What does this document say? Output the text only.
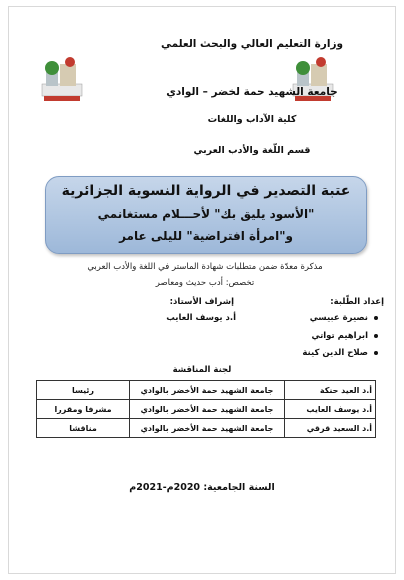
وزارة التعليم العالي والبحث العلمي
جامعة الشهيد حمة لخضر – الوادي
كلية الآداب واللغات
قسم اللّغة والأدب العربي
عتبة التصدير في الرواية النسوية الجزائرية
"الأسود يليق بك" لأحـــلام مستغانمي
و"امرأة افتراضية" لليلى عامر
مذكرة معدّة ضمن متطلبات شهادة الماستر في اللغة والأدب العربي
تخصص: أدب حديث ومعاصر
إعداد الطّلبة:
إشراف الأستاذ:
أ.د يوسف العايب	نصيرة عبيسي
ابراهيم تواتي
صلاح الدين كينة
لجنة المناقشة
أ.د العيد حنكة	جامعة الشهيد حمة الأخضر بالوادي	رئيسا
أ.د يوسف العايب	جامعة الشهيد حمة الأخضر بالوادي	مشرفا ومقررا
أ.د السعيد قرقي	جامعة الشهيد حمة الأخضر بالوادي	مناقشا
السنة الجامعية: 2020م-2021م
